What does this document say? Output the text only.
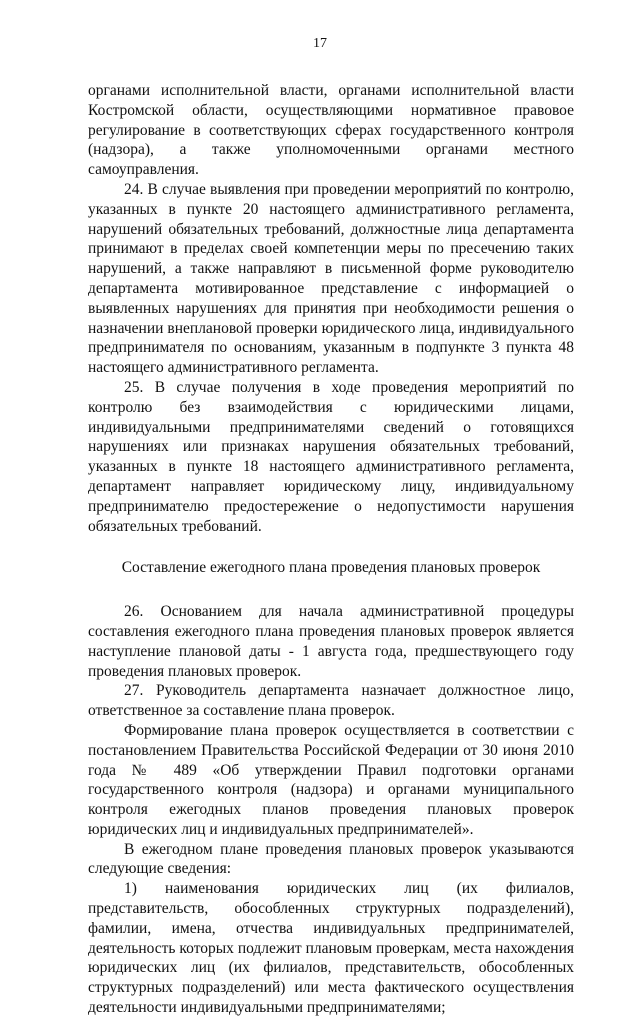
17

органами исполнительной власти, органами исполнительной власти Костромской области, осуществляющими нормативное правовое регулирование в соответствующих сферах государственного контроля (надзора), а также уполномоченными органами местного самоуправления.

24. В случае выявления при проведении мероприятий по контролю, указанных в пункте 20 настоящего административного регламента, нарушений обязательных требований, должностные лица департамента принимают в пределах своей компетенции меры по пресечению таких нарушений, а также направляют в письменной форме руководителю департамента мотивированное представление с информацией о выявленных нарушениях для принятия при необходимости решения о назначении внеплановой проверки юридического лица, индивидуального предпринимателя по основаниям, указанным в подпункте 3 пункта 48 настоящего административного регламента.

25. В случае получения в ходе проведения мероприятий по контролю без взаимодействия с юридическими лицами, индивидуальными предпринимателями сведений о готовящихся нарушениях или признаках нарушения обязательных требований, указанных в пункте 18 настоящего административного регламента, департамент направляет юридическому лицу, индивидуальному предпринимателю предостережение о недопустимости нарушения обязательных требований.

Составление ежегодного плана проведения плановых проверок

26. Основанием для начала административной процедуры составления ежегодного плана проведения плановых проверок является наступление плановой даты - 1 августа года, предшествующего году проведения плановых проверок.

27. Руководитель департамента назначает должностное лицо, ответственное за составление плана проверок.

Формирование плана проверок осуществляется в соответствии с постановлением Правительства Российской Федерации от 30 июня 2010 года № 489 «Об утверждении Правил подготовки органами государственного контроля (надзора) и органами муниципального контроля ежегодных планов проведения плановых проверок юридических лиц и индивидуальных предпринимателей».

В ежегодном плане проведения плановых проверок указываются следующие сведения:

1) наименования юридических лиц (их филиалов, представительств, обособленных структурных подразделений), фамилии, имена, отчества индивидуальных предпринимателей, деятельность которых подлежит плановым проверкам, места нахождения юридических лиц (их филиалов, представительств, обособленных структурных подразделений) или места фактического осуществления деятельности индивидуальными предпринимателями;
